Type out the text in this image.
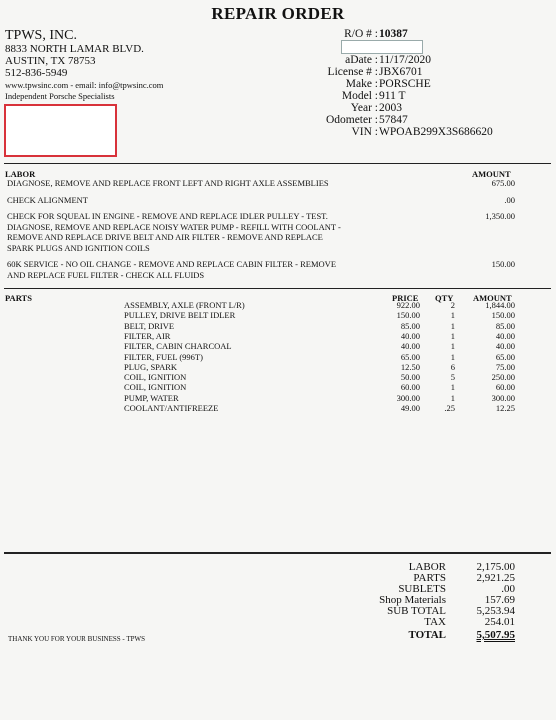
REPAIR ORDER
TPWS, INC.
8833 NORTH LAMAR BLVD.
AUSTIN, TX 78753
512-836-5949
www.tpwsinc.com - email: info@tpwsinc.com
Independent Porsche Specialists
R/O # : 10387
aDate : 11/17/2020
License # : JBX6701
Make : PORSCHE
Model : 911 T
Year : 2003
Odometer : 57847
VIN : WPOAB299X3S686620
LABOR	AMOUNT
DIAGNOSE, REMOVE AND REPLACE FRONT LEFT AND RIGHT AXLE ASSEMBLIES	675.00
CHECK ALIGNMENT	.00
CHECK FOR SQUEAL IN ENGINE - REMOVE AND REPLACE IDLER PULLEY - TEST.
DIAGNOSE, REMOVE AND REPLACE NOISY WATER PUMP - REFILL WITH COOLANT -
REMOVE AND REPLACE DRIVE BELT AND AIR FILTER - REMOVE AND REPLACE
SPARK PLUGS AND IGNITION COILS
1,350.00
60K SERVICE - NO OIL CHANGE - REMOVE AND REPLACE CABIN FILTER - REMOVE
AND REPLACE FUEL FILTER - CHECK ALL FLUIDS
150.00
PARTS	PRICE QTY AMOUNT
ASSEMBLY, AXLE (FRONT L/R)	922.00	2	1,844.00
PULLEY, DRIVE BELT IDLER	150.00	1	150.00
BELT, DRIVE	85.00	1	85.00
FILTER, AIR	40.00	1	40.00
FILTER, CABIN CHARCOAL	40.00	1	40.00
FILTER, FUEL (996T)	65.00	1	65.00
PLUG, SPARK	12.50	6	75.00
COIL, IGNITION	50.00	5	250.00
COIL, IGNITION	60.00	1	60.00
PUMP, WATER	300.00	1	300.00
COOLANT/ANTIFREEZE	49.00	.25	12.25
LABOR	2,175.00
PARTS	2,921.25
SUBLETS	.00
Shop Materials	157.69
SUB TOTAL	5,253.94
TAX	254.01
TOTAL	5,507.95
THANK YOU FOR YOUR BUSINESS - TPWS
